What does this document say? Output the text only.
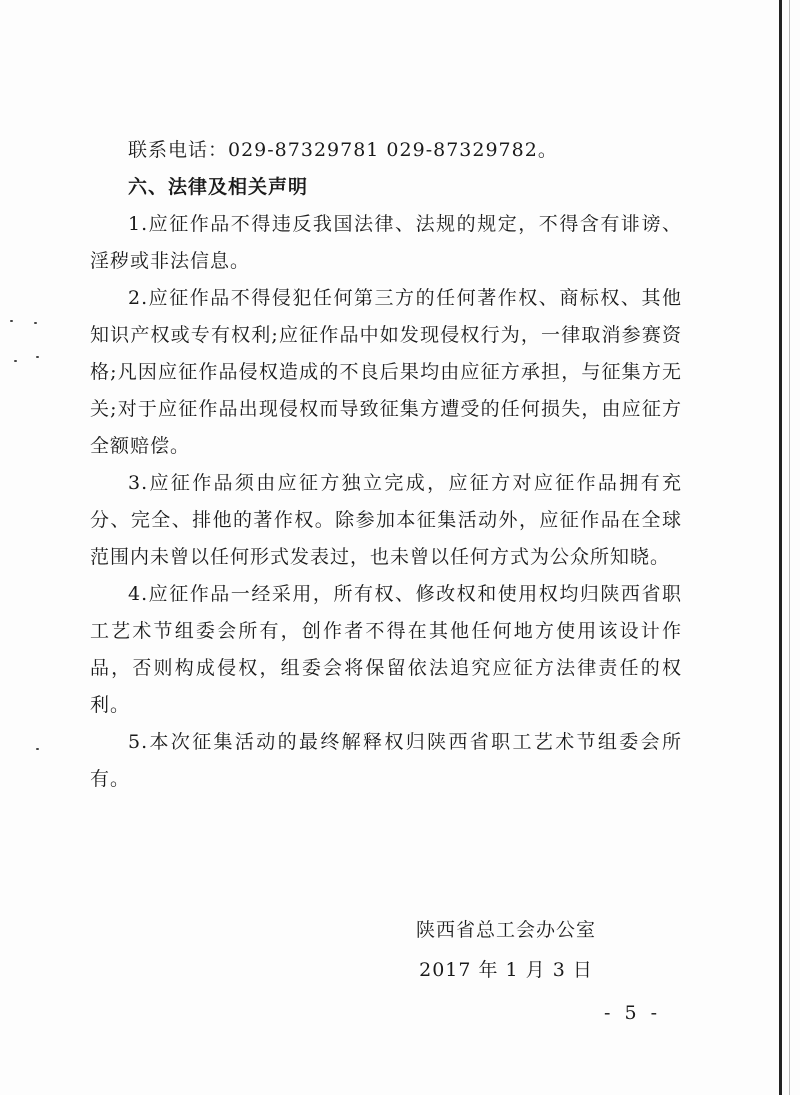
联系电话：029-87329781 029-87329782。
六、法律及相关声明

1.应征作品不得违反我国法律、法规的规定，不得含有诽谤、淫秽或非法信息。

2.应征作品不得侵犯任何第三方的任何著作权、商标权、其他知识产权或专有权利;应征作品中如发现侵权行为，一律取消参赛资格;凡因应征作品侵权造成的不良后果均由应征方承担，与征集方无关;对于应征作品出现侵权而导致征集方遭受的任何损失，由应征方全额赔偿。

3.应征作品须由应征方独立完成，应征方对应征作品拥有充分、完全、排他的著作权。除参加本征集活动外，应征作品在全球范围内未曾以任何形式发表过，也未曾以任何方式为公众所知晓。

4.应征作品一经采用，所有权、修改权和使用权均归陕西省职工艺术节组委会所有，创作者不得在其他任何地方使用该设计作品，否则构成侵权，组委会将保留依法追究应征方法律责任的权利。

5.本次征集活动的最终解释权归陕西省职工艺术节组委会所有。

陕西省总工会办公室
2017 年 1 月 3 日
- 5 -
